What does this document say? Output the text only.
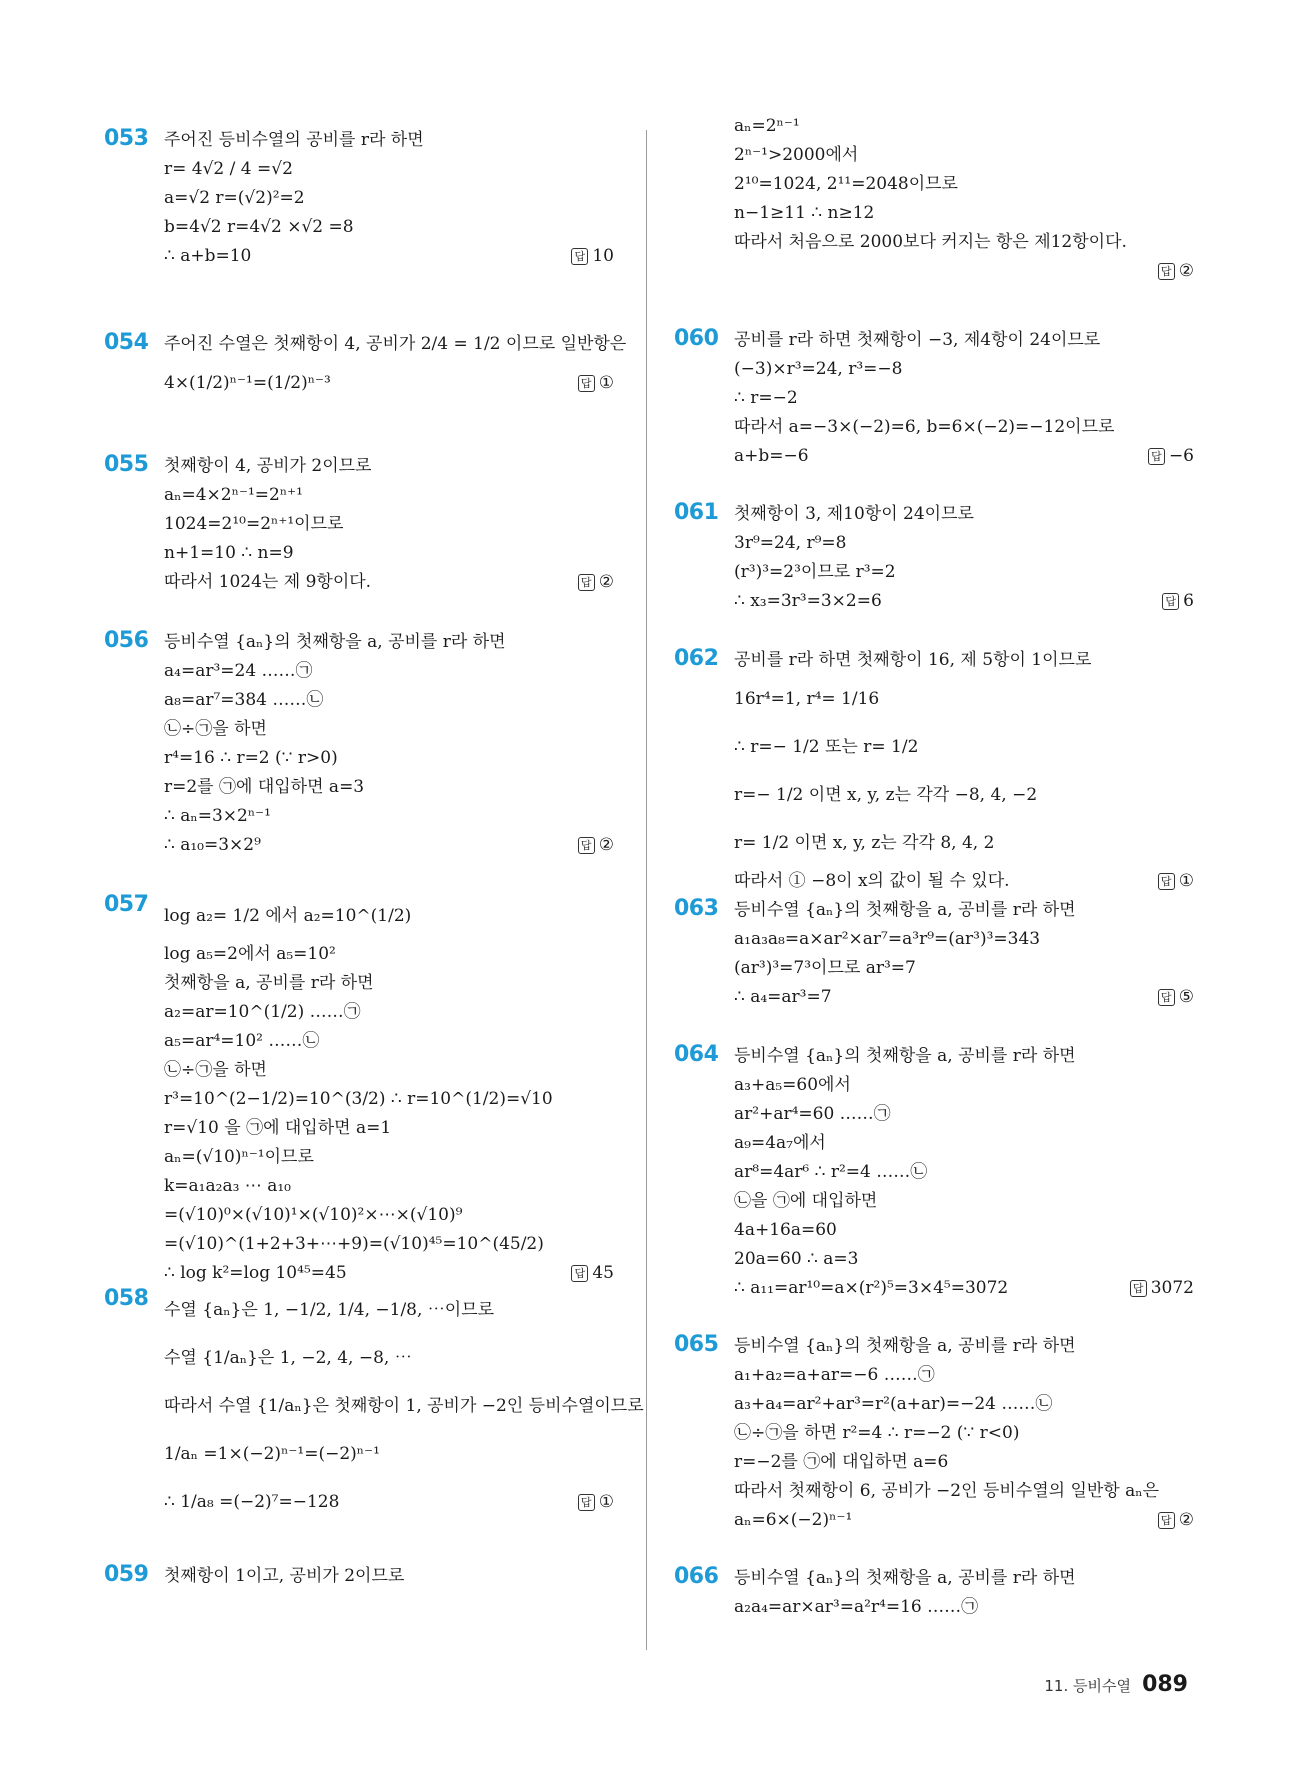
053 주어진 등비수열의 공비를 r라 하면
r= 4√2 / 4 =√2
a=√2 r=(√2)²=2
b=4√2 r=4√2 ×√2 =8
∴ a+b=10	답 10
054 주어진 수열은 첫째항이 4, 공비가 2/4 = 1/2 이므로 일반항은
4×(1/2)ⁿ⁻¹=(1/2)ⁿ⁻³	답 ①
055 첫째항이 4, 공비가 2이므로
aₙ=4×2ⁿ⁻¹=2ⁿ⁺¹
1024=2¹⁰=2ⁿ⁺¹이므로
n+1=10 ∴ n=9
따라서 1024는 제 9항이다.	답 ②
056 등비수열 {aₙ}의 첫째항을 a, 공비를 r라 하면
a₄=ar³=24 ……㉠
a₈=ar⁷=384 ……㉡
㉡÷㉠을 하면
r⁴=16 ∴ r=2 (∵ r>0)
r=2를 ㉠에 대입하면 a=3
∴ aₙ=3×2ⁿ⁻¹
∴ a₁₀=3×2⁹	답 ②
057 log a₂= 1/2 에서 a₂=10^(1/2)
log a₅=2에서 a₅=10²
첫째항을 a, 공비를 r라 하면
a₂=ar=10^(1/2) ……㉠
a₅=ar⁴=10² ……㉡
㉡÷㉠을 하면
r³=10^(2−1/2)=10^(3/2) ∴ r=10^(1/2)=√10
r=√10 을 ㉠에 대입하면 a=1
aₙ=(√10)ⁿ⁻¹이므로
k=a₁a₂a₃ ⋯ a₁₀
=(√10)⁰×(√10)¹×(√10)²×⋯×(√10)⁹
=(√10)^(1+2+3+⋯+9)=(√10)⁴⁵=10^(45/2)
∴ log k²=log 10⁴⁵=45	답 45
058 수열 {aₙ}은 1, −1/2, 1/4, −1/8, ⋯이므로
수열 {1/aₙ}은 1, −2, 4, −8, ⋯
따라서 수열 {1/aₙ}은 첫째항이 1, 공비가 −2인 등비수열이므로
1/aₙ =1×(−2)ⁿ⁻¹=(−2)ⁿ⁻¹
∴ 1/a₈ =(−2)⁷=−128	답 ①
059 첫째항이 1이고, 공비가 2이므로
aₙ=2ⁿ⁻¹
2ⁿ⁻¹>2000에서
2¹⁰=1024, 2¹¹=2048이므로
n−1≥11 ∴ n≥12
따라서 처음으로 2000보다 커지는 항은 제12항이다.
답 ②
060 공비를 r라 하면 첫째항이 −3, 제4항이 24이므로
(−3)×r³=24, r³=−8
∴ r=−2
따라서 a=−3×(−2)=6, b=6×(−2)=−12이므로
a+b=−6	답 −6
061 첫째항이 3, 제10항이 24이므로
3r⁹=24, r⁹=8
(r³)³=2³이므로 r³=2
∴ x₃=3r³=3×2=6	답 6
062 공비를 r라 하면 첫째항이 16, 제 5항이 1이므로
16r⁴=1, r⁴= 1/16
∴ r=− 1/2 또는 r= 1/2
r=− 1/2 이면 x, y, z는 각각 −8, 4, −2
r= 1/2 이면 x, y, z는 각각 8, 4, 2
따라서 ① −8이 x의 값이 될 수 있다.	답 ①
063 등비수열 {aₙ}의 첫째항을 a, 공비를 r라 하면
a₁a₃a₈=a×ar²×ar⁷=a³r⁹=(ar³)³=343
(ar³)³=7³이므로 ar³=7
∴ a₄=ar³=7	답 ⑤
064 등비수열 {aₙ}의 첫째항을 a, 공비를 r라 하면
a₃+a₅=60에서
ar²+ar⁴=60 ……㉠
a₉=4a₇에서
ar⁸=4ar⁶ ∴ r²=4 ……㉡
㉡을 ㉠에 대입하면
4a+16a=60
20a=60 ∴ a=3
∴ a₁₁=ar¹⁰=a×(r²)⁵=3×4⁵=3072	답 3072
065 등비수열 {aₙ}의 첫째항을 a, 공비를 r라 하면
a₁+a₂=a+ar=−6 ……㉠
a₃+a₄=ar²+ar³=r²(a+ar)=−24 ……㉡
㉡÷㉠을 하면 r²=4 ∴ r=−2 (∵ r<0)
r=−2를 ㉠에 대입하면 a=6
따라서 첫째항이 6, 공비가 −2인 등비수열의 일반항 aₙ은
aₙ=6×(−2)ⁿ⁻¹	답 ②
066 등비수열 {aₙ}의 첫째항을 a, 공비를 r라 하면
a₂a₄=ar×ar³=a²r⁴=16 ……㉠
11. 등비수열 089
